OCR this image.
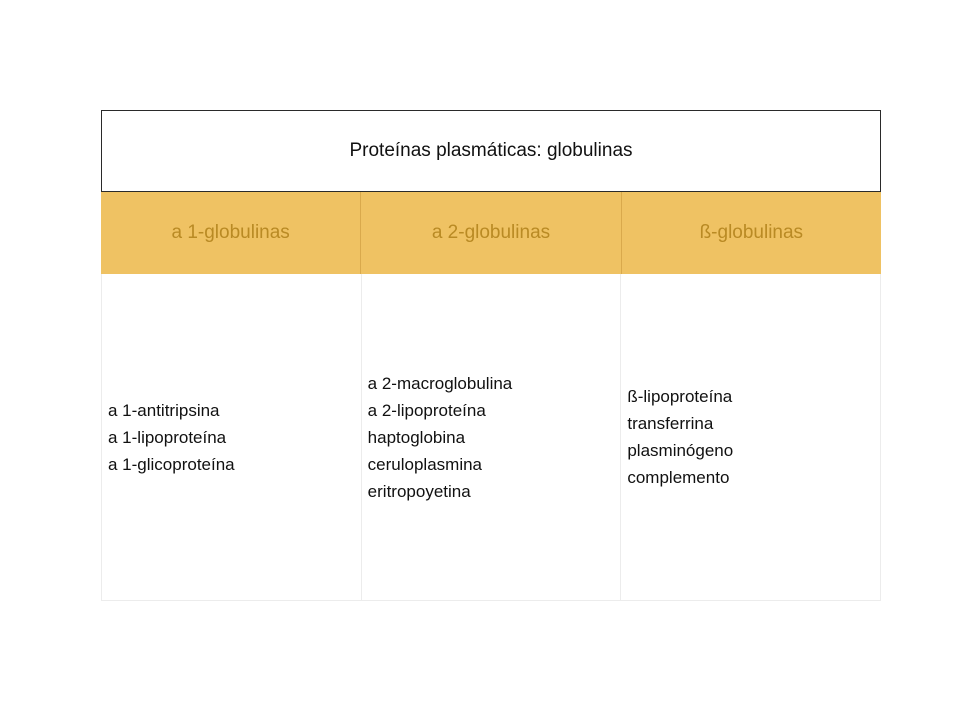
Proteínas plasmáticas: globulinas
a 1-globulinas	a 2-globulinas	ß-globulinas
a 1-antitripsina
a 1-lipoproteína
a 1-glicoproteína
a 2-macroglobulina
a 2-lipoproteína
haptoglobina
ceruloplasmina
eritropoyetina
ß-lipoproteína
transferrina
plasminógeno
complemento
